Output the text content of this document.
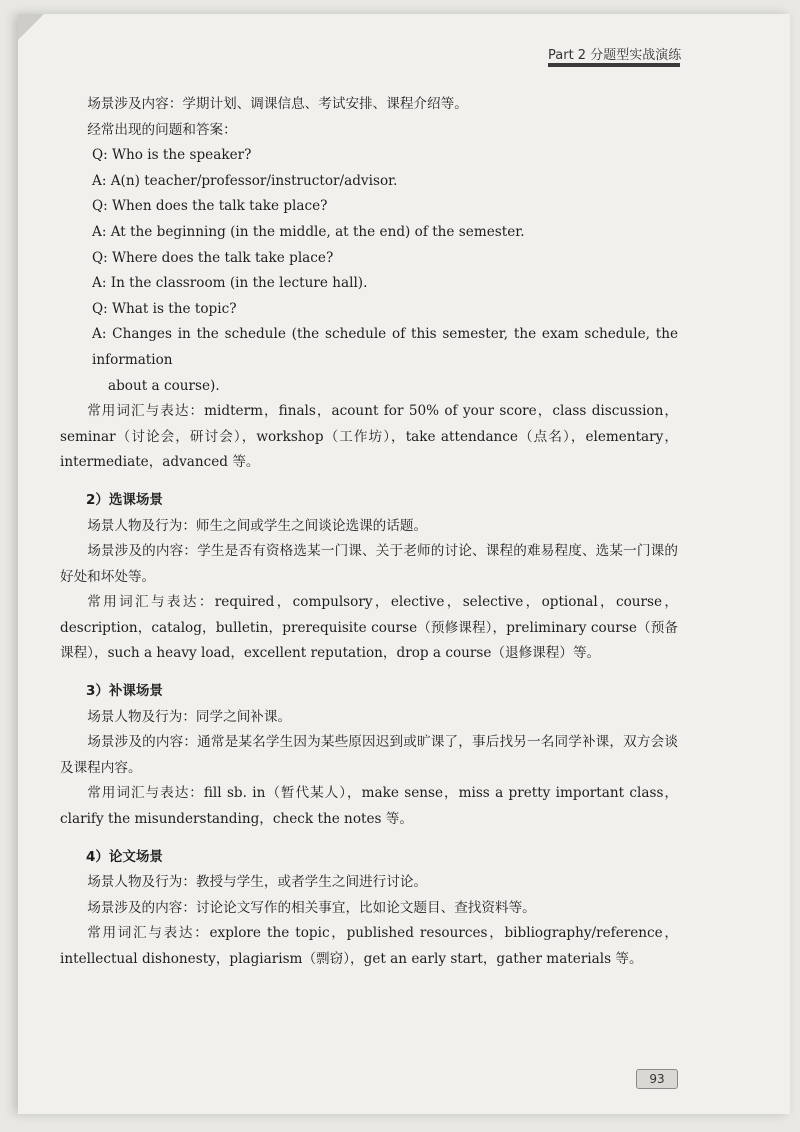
Part 2 分题型实战演练

场景涉及内容：学期计划、调课信息、考试安排、课程介绍等。

经常出现的问题和答案：

Q: Who is the speaker?

A: A(n) teacher/professor/instructor/advisor.

Q: When does the talk take place?

A: At the beginning (in the middle, at the end) of the semester.

Q: Where does the talk take place?

A: In the classroom (in the lecture hall).

Q: What is the topic?

A: Changes in the schedule (the schedule of this semester, the exam schedule, the information

about a course).

常用词汇与表达：midterm，finals，acount for 50% of your score，class discussion，seminar（讨论会，研讨会），workshop（工作坊），take attendance（点名），elementary，intermediate，advanced 等。

2）选课场景

场景人物及行为：师生之间或学生之间谈论选课的话题。

场景涉及的内容：学生是否有资格选某一门课、关于老师的讨论、课程的难易程度、选某一门课的好处和坏处等。

常用词汇与表达：required，compulsory，elective，selective，optional，course，description，catalog，bulletin，prerequisite course（预修课程），preliminary course（预备课程），such a heavy load，excellent reputation，drop a course（退修课程）等。

3）补课场景

场景人物及行为：同学之间补课。

场景涉及的内容：通常是某名学生因为某些原因迟到或旷课了，事后找另一名同学补课，双方会谈及课程内容。

常用词汇与表达：fill sb. in（暂代某人），make sense，miss a pretty important class，clarify the misunderstanding，check the notes 等。

4）论文场景

场景人物及行为：教授与学生，或者学生之间进行讨论。

场景涉及的内容：讨论论文写作的相关事宜，比如论文题目、查找资料等。

常用词汇与表达：explore the topic，published resources，bibliography/reference，intellectual dishonesty，plagiarism（剽窃），get an early start，gather materials 等。

93
